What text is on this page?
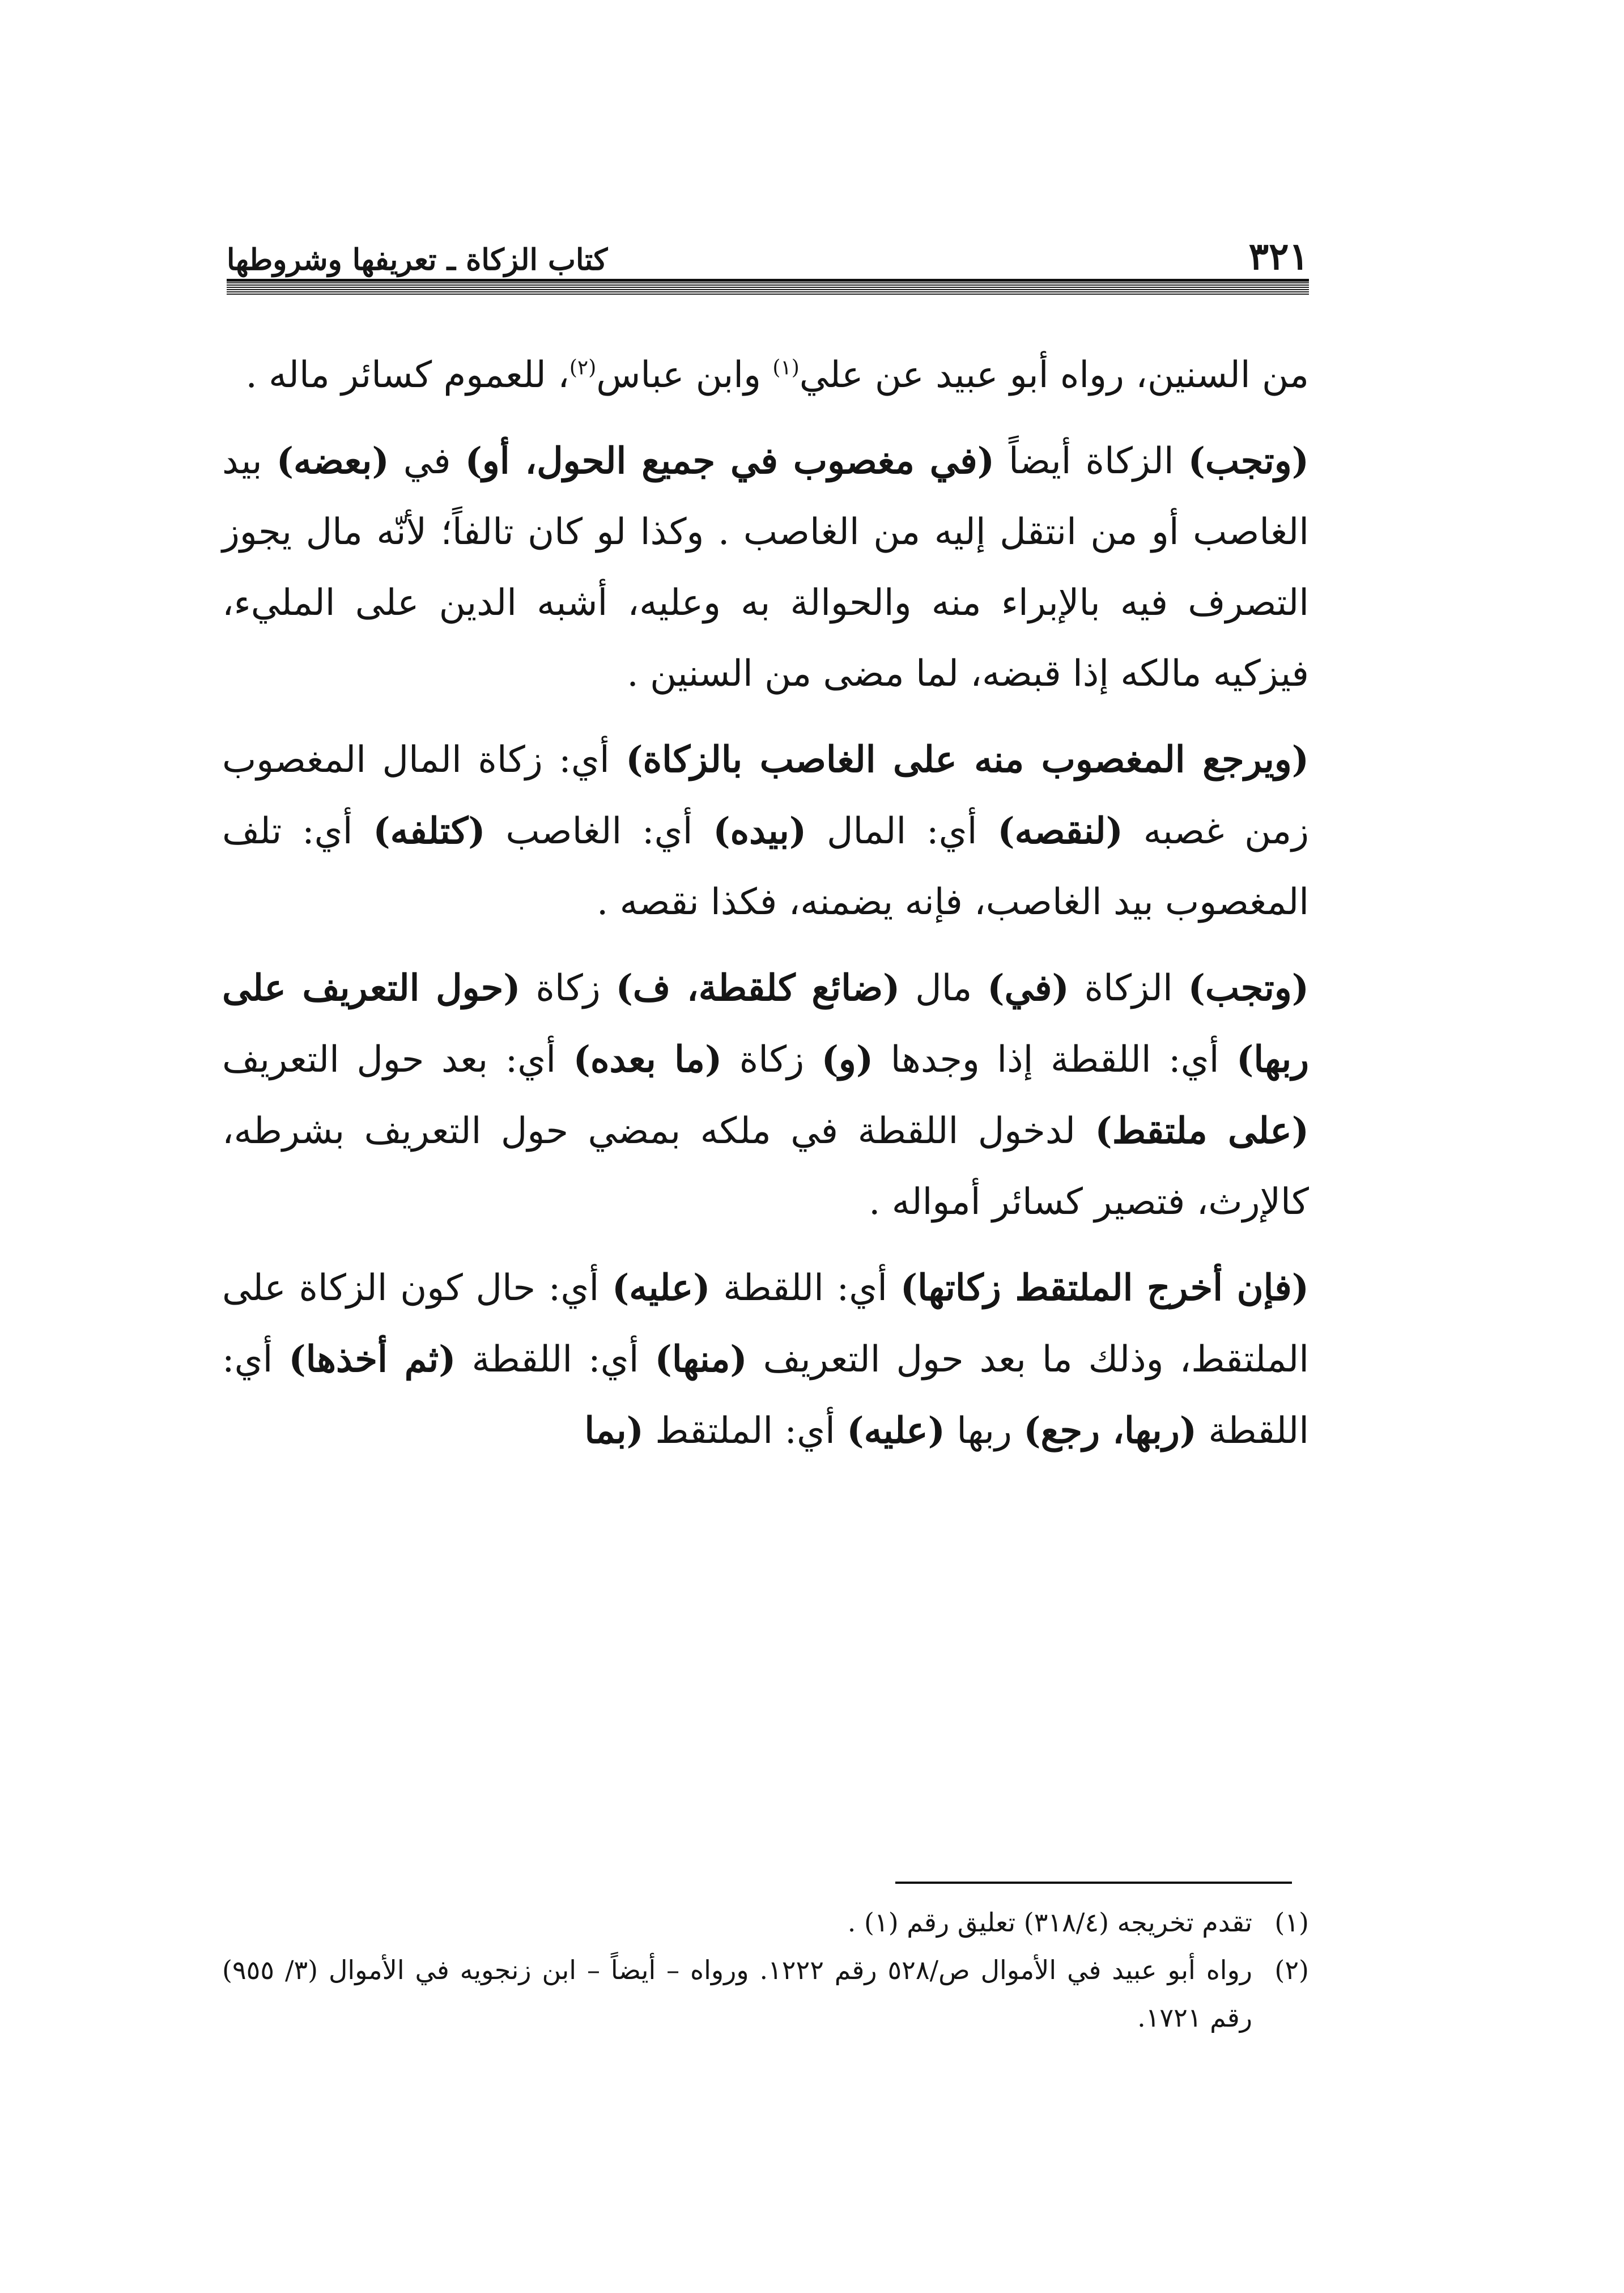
٣٢١
كتاب الزكاة ـ تعريفها وشروطها

من السنين، رواه أبو عبيد عن علي$^{(١)}$ وابن عباس$^{(٢)}$، للعموم كسائر ماله .

(وتجب) الزكاة أيضاً (في مغصوب في جميع الحول، أو) في (بعضه) بيد الغاصب أو من انتقل إليه من الغاصب . وكذا لو كان تالفاً؛ لأنّه مال يجوز التصرف فيه بالإبراء منه والحوالة به وعليه، أشبه الدين على المليء، فيزكيه مالكه إذا قبضه، لما مضى من السنين .

(ويرجع المغصوب منه على الغاصب بالزكاة) أي: زكاة المال المغصوب زمن غصبه (لنقصه) أي: المال (بيده) أي: الغاصب (كتلفه) أي: تلف المغصوب بيد الغاصب، فإنه يضمنه، فكذا نقصه .

(وتجب) الزكاة (في) مال (ضائع كلقطة، ف) زكاة (حول التعريف على ربها) أي: اللقطة إذا وجدها (و) زكاة (ما بعده) أي: بعد حول التعريف (على ملتقط) لدخول اللقطة في ملكه بمضي حول التعريف بشرطه، كالإرث، فتصير كسائر أمواله .

(فإن أخرج الملتقط زكاتها) أي: اللقطة (عليه) أي: حال كون الزكاة على الملتقط، وذلك ما بعد حول التعريف (منها) أي: اللقطة (ثم أخذها) أي: اللقطة (ربها، رجع) ربها (عليه) أي: الملتقط (بما

(١)
تقدم تخريجه (٣١٨/٤) تعليق رقم (١) .
(٢)
رواه أبو عبيد في الأموال ص/٥٢٨ رقم ١٢٢٢. ورواه – أيضاً – ابن زنجويه في الأموال (٣/ ٩٥٥) رقم ١٧٢١.
